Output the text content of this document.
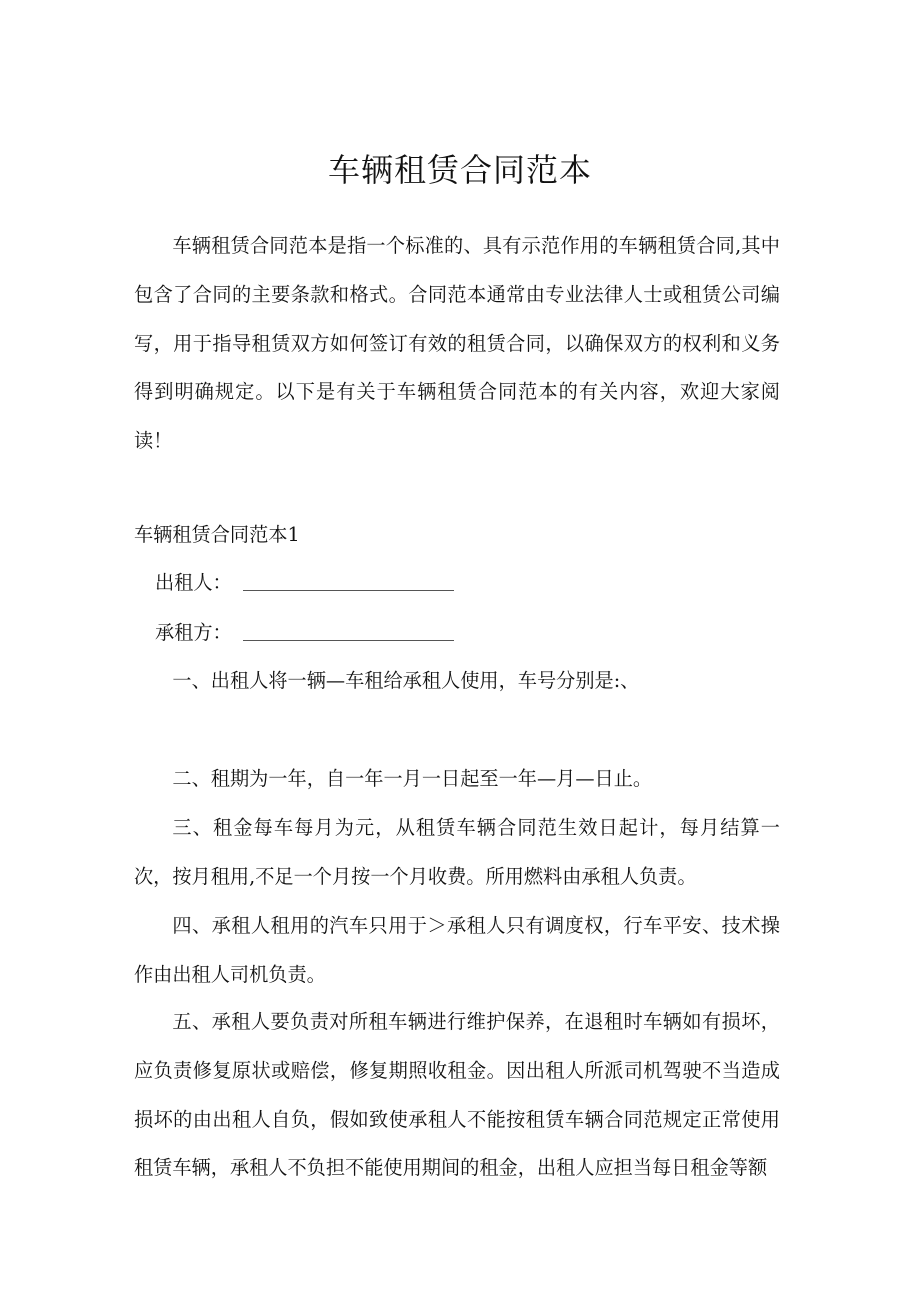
车辆租赁合同范本

车辆租赁合同范本是指一个标准的、具有示范作用的车辆租赁合同,其中包含了合同的主要条款和格式。合同范本通常由专业法律人士或租赁公司编写，用于指导租赁双方如何签订有效的租赁合同，以确保双方的权利和义务得到明确规定。以下是有关于车辆租赁合同范本的有关内容，欢迎大家阅读！

车辆租赁合同范本1
出租人：
承租方：

一、出租人将一辆—车租给承租人使用，车号分别是:、

二、租期为一年，自一年一月一日起至一年—月—日止。

三、租金每车每月为元，从租赁车辆合同范生效日起计，每月结算一次，按月租用,不足一个月按一个月收费。所用燃料由承租人负责。

四、承租人租用的汽车只用于＞承租人只有调度权，行车平安、技术操作由出租人司机负责。

五、承租人要负责对所租车辆进行维护保养，在退租时车辆如有损坏，应负责修复原状或赔偿，修复期照收租金。因出租人所派司机驾驶不当造成损坏的由出租人自负，假如致使承租人不能按租赁车辆合同范规定正常使用租赁车辆，承租人不负担不能使用期间的租金，出租人应担当每日租金等额
